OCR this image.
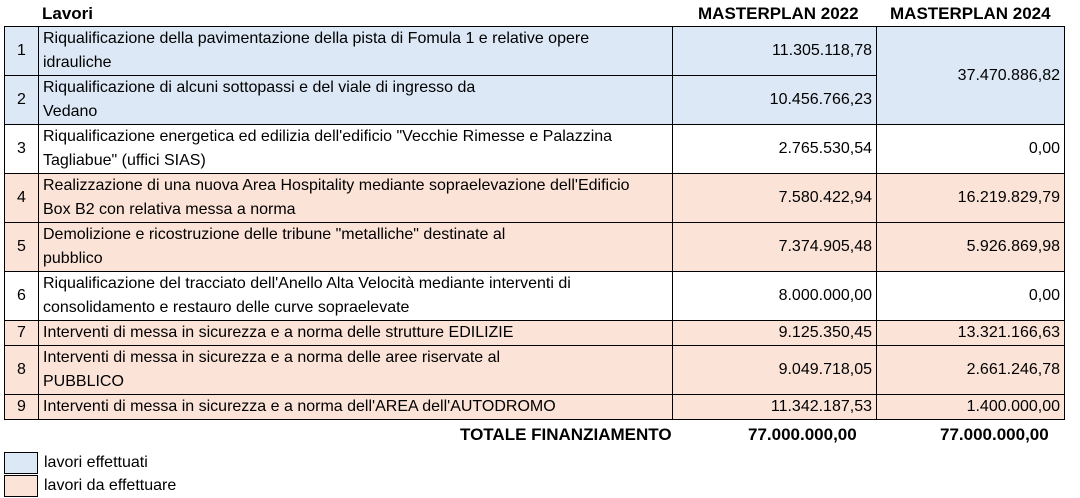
Lavori	MASTERPLAN 2022 MASTERPLAN 2024
1	Riqualificazione della pavimentazione della pista di Fomula 1 e relative opere
idrauliche	11.305.118,78	37.470.886,82
2	Riqualificazione di alcuni sottopassi e del viale di ingresso da
Vedano	10.456.766,23	
3	Riqualificazione energetica ed edilizia dell'edificio "Vecchie Rimesse e Palazzina
Tagliabue" (uffici SIAS)	2.765.530,54	0,00
4	Realizzazione di una nuova Area Hospitality mediante sopraelevazione dell'Edificio
Box B2 con relativa messa a norma	7.580.422,94	16.219.829,79
5	Demolizione e ricostruzione delle tribune "metalliche" destinate al
pubblico	7.374.905,48	5.926.869,98
6	Riqualificazione del tracciato dell'Anello Alta Velocità mediante interventi di
consolidamento e restauro delle curve sopraelevate	8.000.000,00	0,00
7	Interventi di messa in sicurezza e a norma delle strutture EDILIZIE	9.125.350,45	13.321.166,63
8	Interventi di messa in sicurezza e a norma delle aree riservate al
PUBBLICO	9.049.718,05	2.661.246,78
9	Interventi di messa in sicurezza e a norma dell'AREA dell'AUTODROMO	11.342.187,53	1.400.000,00
TOTALE FINANZIAMENTO	77.000.000,00	77.000.000,00
lavori effettuati
lavori da effettuare
